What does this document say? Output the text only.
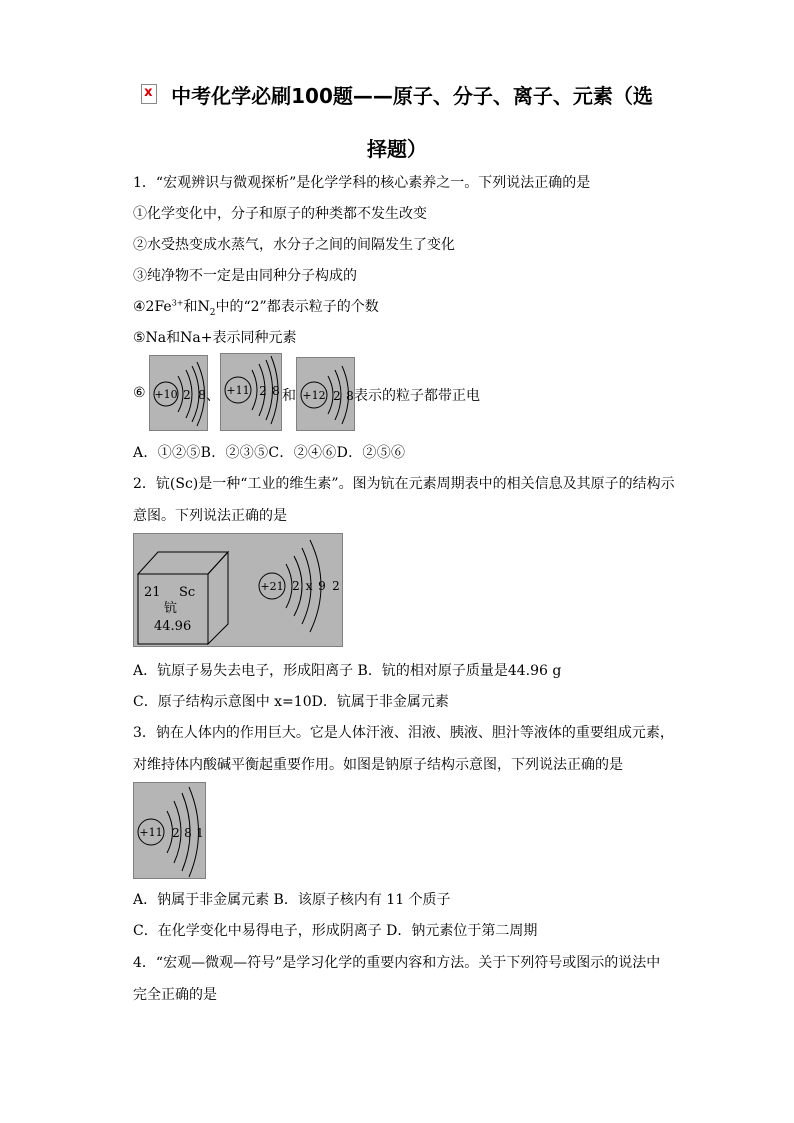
x 中考化学必刷100题——原子、分子、离子、元素（选
择题）
1．“宏观辨识与微观探析”是化学学科的核心素养之一。下列说法正确的是
①化学变化中，分子和原子的种类都不发生改变
②水受热变成水蒸气，水分子之间的间隔发生了变化
③纯净物不一定是由同种分子构成的
$④2Fe^{3+}$和$N_2$中的“2”都表示粒子的个数
⑤Na和Na+表示同种元素
⑥ +10 2 8 、 +11 2 8 和 +12 2 8 表示的粒子都带正电
A．①②⑤B．②③⑤C．②④⑥D．②⑤⑥
2．钪(Sc)是一种“工业的维生素”。图为钪在元素周期表中的相关信息及其原子的结构示
意图。下列说法正确的是
21 Sc
钪
44.96
+21 2 x 9 2
A．钪原子易失去电子，形成阳离子 B．钪的相对原子质量是44.96 g
C．原子结构示意图中 x=10D．钪属于非金属元素
3．钠在人体内的作用巨大。它是人体汗液、泪液、胰液、胆汁等液体的重要组成元素，
对维持体内酸碱平衡起重要作用。如图是钠原子结构示意图，下列说法正确的是
+11 2 8 1
A．钠属于非金属元素 B．该原子核内有 11 个质子
C．在化学变化中易得电子，形成阴离子 D．钠元素位于第二周期
4．“宏观—微观—符号”是学习化学的重要内容和方法。关于下列符号或图示的说法中
完全正确的是
